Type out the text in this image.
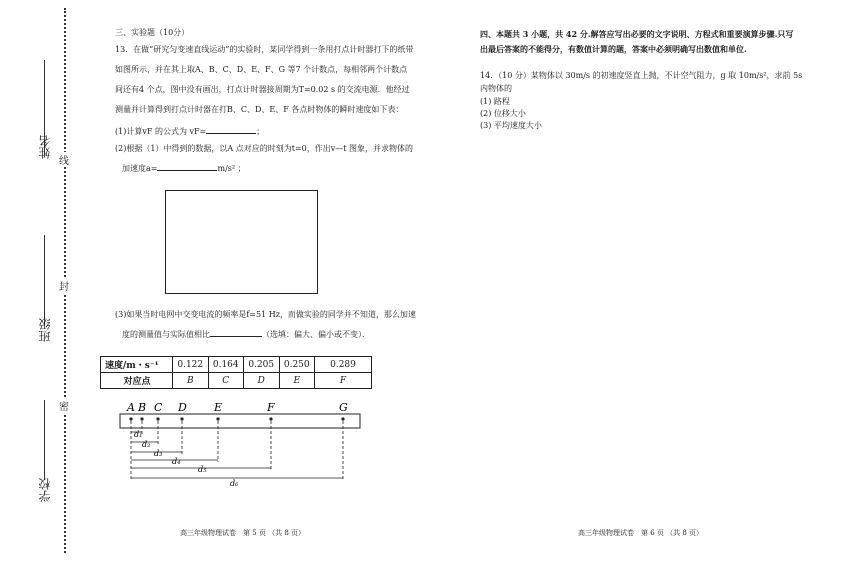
姓名
班级
学校
线
封
密
三、实验题（10分）
13．在做“研究匀变速直线运动”的实验时，某同学得到一条用打点计时器打下的纸带
如图所示，并在其上取A、B、C、D、E、F、G 等7 个计数点，每相邻两个计数点
间还有4 个点，图中没有画出，打点计时器接周期为T=0.02 s 的交流电源．他经过
测量并计算得到打点计时器在打B、C、D、E、F 各点时物体的瞬时速度如下表：
(1)计算vF 的公式为 vF=	；
(2)根据（1）中得到的数据，以A 点对应的时刻为t=0，作出v—t 图象，并求物体的
加速度a=	m/s² ；
(3)如果当时电网中交变电流的频率是f=51 Hz，而做实验的同学并不知道，那么加速
度的测量值与实际值相比	（选填：偏大、偏小或不变）．
速度/m・s⁻¹	0.122	0.164	0.205	0.250	0.289
对应点	B	C	D	E	F
A B C D E	F	G
d₁
d₂
d₃
d₄
d₅
d₆
高三年级物理试卷　第 5 页 （共 8 页）
四、本题共 3 小题，共 42 分.解答应写出必要的文字说明、方程式和重要演算步骤.只写
出最后答案的不能得分，有数值计算的题，答案中必须明确写出数值和单位.
14．（10 分）某物体以 30m/s 的初速度竖直上抛，不计空气阻力，g 取 10m/s²，求前 5s
内物体的
(1) 路程
(2) 位移大小
(3) 平均速度大小
高三年级物理试卷　第 6 页 （共 8 页）
